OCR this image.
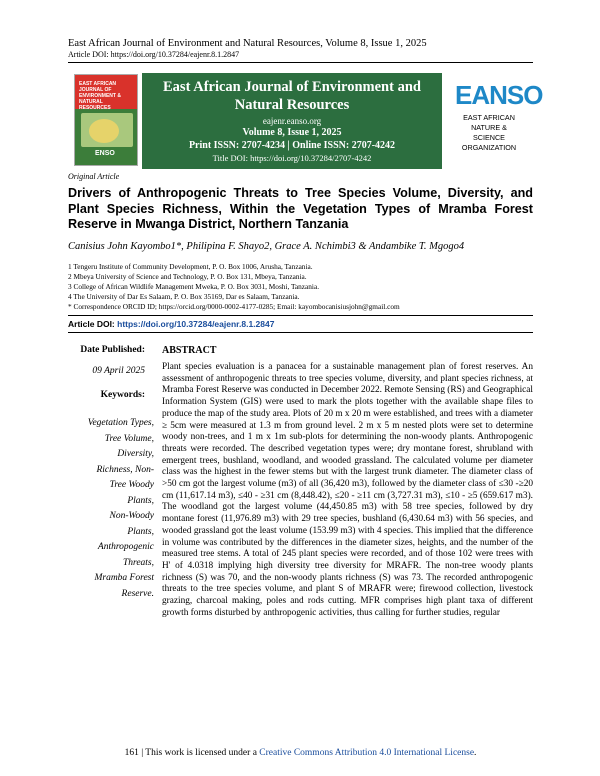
East African Journal of Environment and Natural Resources, Volume 8, Issue 1, 2025
Article DOI: https://doi.org/10.37284/eajenr.8.1.2847
EAST AFRICAN JOURNAL OF ENVIRONMENT & NATURAL RESOURCES
ENSO
East African Journal of Environment and Natural Resources
eajenr.eanso.org
Volume 8, Issue 1, 2025
Print ISSN: 2707-4234 | Online ISSN: 2707-4242
Title DOI: https://doi.org/10.37284/2707-4242
EANSO
EAST AFRICAN
NATURE &
SCIENCE
ORGANIZATION
Original Article
Drivers of Anthropogenic Threats to Tree Species Volume, Diversity, and Plant Species Richness, Within the Vegetation Types of Mramba Forest Reserve in Mwanga District, Northern Tanzania
Canisius John Kayombo1*, Philipina F. Shayo2, Grace A. Nchimbi3 & Andambike T. Mgogo4
1 Tengeru Institute of Community Development, P. O. Box 1006, Arusha, Tanzania.
2 Mbeya University of Science and Technology, P. O. Box 131, Mbeya, Tanzania.
3 College of African Wildlife Management Mweka, P. O. Box 3031, Moshi, Tanzania.
4 The University of Dar Es Salaam, P. O. Box 35169, Dar es Salaam, Tanzania.
* Correspondence ORCID ID; https://orcid.org/0000-0002-4177-0285; Email: kayombocanisiusjohn@gmail.com
Article DOI: https://doi.org/10.37284/eajenr.8.1.2847
Date Published:
09 April 2025
Keywords:
Vegetation Types,
Tree Volume,
Diversity,
Richness, Non-
Tree Woody
Plants,
Non-Woody
Plants,
Anthropogenic
Threats,
Mramba Forest
Reserve.
ABSTRACT
Plant species evaluation is a panacea for a sustainable management plan of forest reserves. An assessment of anthropogenic threats to tree species volume, diversity, and plant species richness, at Mramba Forest Reserve was conducted in December 2022. Remote Sensing (RS) and Geographical Information System (GIS) were used to mark the plots together with the available shape files to produce the map of the study area. Plots of 20 m x 20 m were established, and trees with a diameter ≥ 5cm were measured at 1.3 m from ground level. 2 m x 5 m nested plots were set to determine woody non-trees, and 1 m x 1m sub-plots for determining the non-woody plants. Anthropogenic threats were recorded. The described vegetation types were; dry montane forest, shrubland with emergent trees, bushland, woodland, and wooded grassland. The calculated volume per diameter class was the highest in the fewer stems but with the largest trunk diameter. The diameter class of >50 cm got the largest volume (m3) of all (36,420 m3), followed by the diameter class of ≤30 -≥20 cm (11,617.14 m3), ≤40 - ≥31 cm (8,448.42), ≤20 - ≥11 cm (3,727.31 m3), ≤10 - ≥5 (659.617 m3). The woodland got the largest volume (44,450.85 m3) with 58 tree species, followed by dry montane forest (11,976.89 m3) with 29 tree species, bushland (6,430.64 m3) with 56 species, and wooded grassland got the least volume (153.99 m3) with 4 species. This implied that the difference in volume was contributed by the differences in the diameter sizes, heights, and the number of the measured tree stems. A total of 245 plant species were recorded, and of those 102 were trees with H' of 4.0318 implying high diversity tree diversity for MRAFR. The non-tree woody plants richness (S) was 70, and the non-woody plants richness (S) was 73. The recorded anthropogenic threats to the tree species volume, and plant S of MRAFR were; firewood collection, livestock grazing, charcoal making, poles and rods cutting. MFR comprises high plant taxa of different growth forms disturbed by anthropogenic activities, thus calling for further studies, regular
161 | This work is licensed under a Creative Commons Attribution 4.0 International License.
